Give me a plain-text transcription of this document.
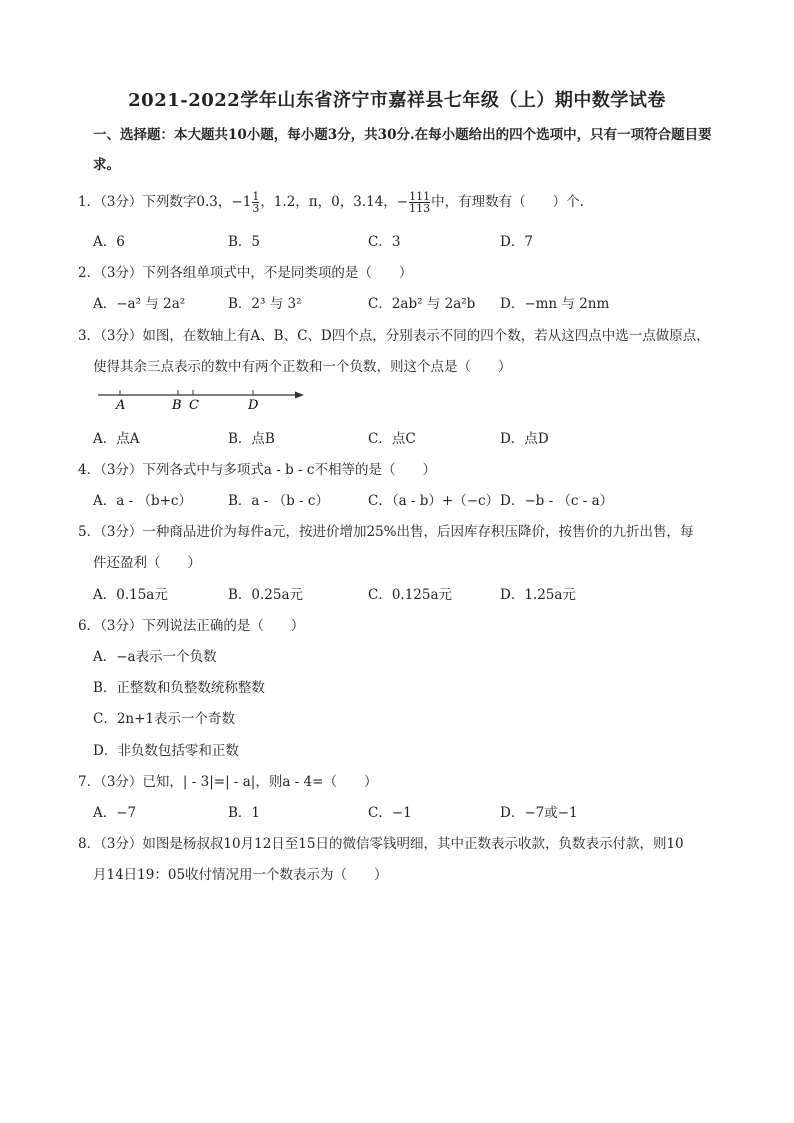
2021-2022学年山东省济宁市嘉祥县七年级（上）期中数学试卷
一、选择题：本大题共10小题，每小题3分，共30分.在每小题给出的四个选项中，只有一项符合题目要求。
1．（3分）下列数字0.3，$-1 \frac{1}{3}$ ，1.2，π，0，3.14，− $\frac{111}{113}$ 中，有理数有（　　）个.
A．6	B．5	C．3	D．7
2．（3分）下列各组单项式中，不是同类项的是（　　）
A．−a² 与 2a²	B．2³ 与 3²	C．2ab² 与 2a²b D．−mn 与 2nm
3．（3分）如图，在数轴上有A、B、C、D四个点，分别表示不同的四个数，若从这四点中选一点做原点，
使得其余三点表示的数中有两个正数和一个负数，则这个点是（　　）
A	B C	D
A．点A	B．点B	C．点C	D．点D
4．（3分）下列各式中与多项式a - b - c不相等的是（　　）
A．a - （b+c）	B．a - （b - c）	C．（a - b）+（−c） D．−b - （c - a）
5．（3分）一种商品进价为每件a元，按进价增加25%出售，后因库存积压降价，按售价的九折出售，每
件还盈利（　　）
A．0.15a元	B．0.25a元	C．0.125a元	D．1.25a元
6．（3分）下列说法正确的是（　　）
A．−a表示一个负数
B．正整数和负整数统称整数
C．2n+1表示一个奇数
D．非负数包括零和正数
7．（3分）已知，| - 3|=| - a|，则a - 4=（　　）
A．−7	B．1	C．−1	D．−7或−1
8．（3分）如图是杨叔叔10月12日至15日的微信零钱明细，其中正数表示收款，负数表示付款，则10
月14日19：05收付情况用一个数表示为（　　）
